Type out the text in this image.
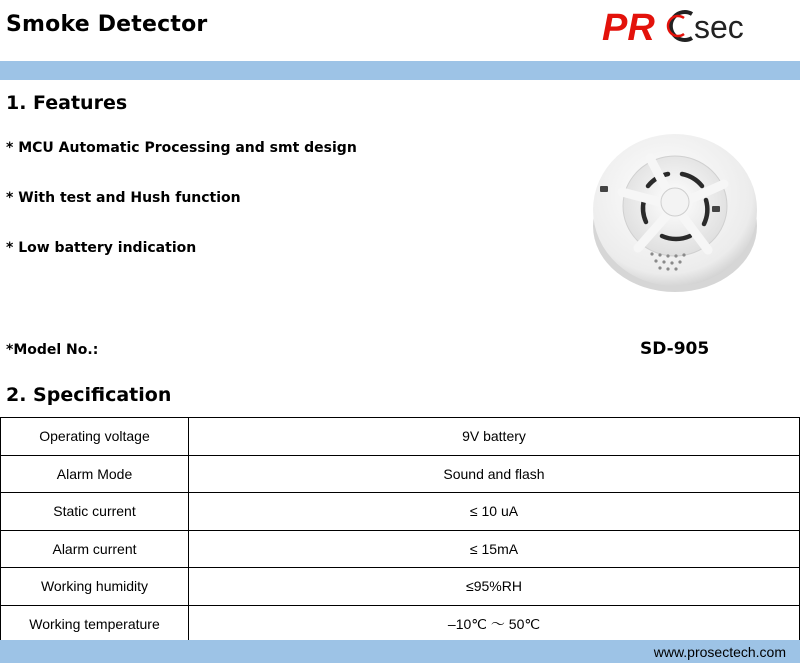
Smoke Detector	PR sec
1. Features
* MCU Automatic Processing and smt design
* With test and Hush function
* Low battery indication
*Model No.:	SD-905
2. Specification
Operating voltage	9V battery
Alarm Mode	Sound and flash
Static current	≤ 10 uA
Alarm current	≤ 15mA
Working humidity	≤95%RH
Working temperature	–10℃ ～ 50℃
www.prosectech.com
